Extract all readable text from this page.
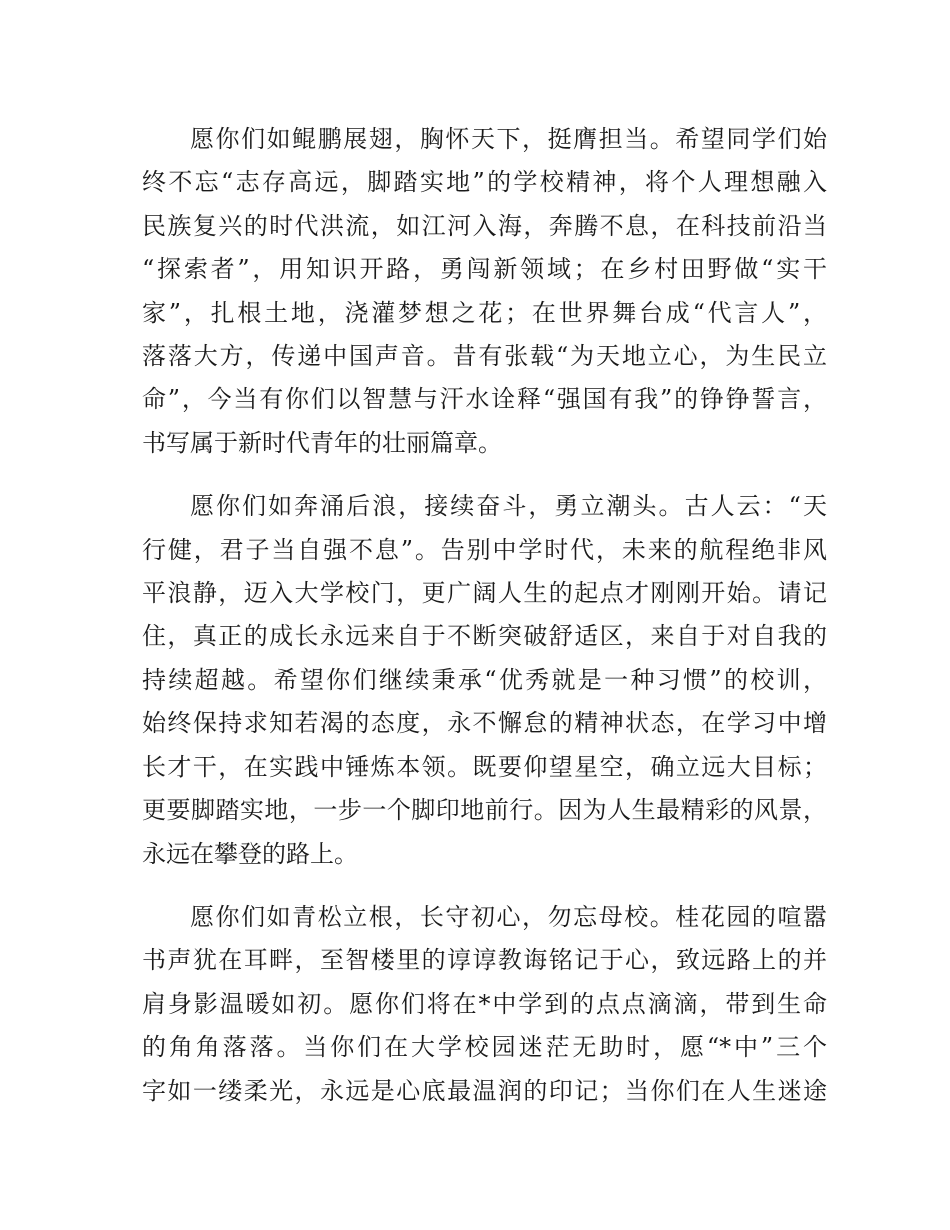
愿你们如鲲鹏展翅，胸怀天下，挺膺担当。希望同学们始
终不忘“志存高远，脚踏实地”的学校精神，将个人理想融入
民族复兴的时代洪流，如江河入海，奔腾不息，在科技前沿当
“探索者”，用知识开路，勇闯新领域；在乡村田野做“实干
家”，扎根土地，浇灌梦想之花；在世界舞台成“代言人”，
落落大方，传递中国声音。昔有张载“为天地立心，为生民立
命”，今当有你们以智慧与汗水诠释“强国有我”的铮铮誓言，
书写属于新时代青年的壮丽篇章。

愿你们如奔涌后浪，接续奋斗，勇立潮头。古人云：“天
行健，君子当自强不息”。告别中学时代，未来的航程绝非风
平浪静，迈入大学校门，更广阔人生的起点才刚刚开始。请记
住，真正的成长永远来自于不断突破舒适区，来自于对自我的
持续超越。希望你们继续秉承“优秀就是一种习惯”的校训，
始终保持求知若渴的态度，永不懈怠的精神状态，在学习中增
长才干，在实践中锤炼本领。既要仰望星空，确立远大目标；
更要脚踏实地，一步一个脚印地前行。因为人生最精彩的风景，
永远在攀登的路上。

愿你们如青松立根，长守初心，勿忘母校。桂花园的喧嚣
书声犹在耳畔，至智楼里的谆谆教诲铭记于心，致远路上的并
肩身影温暖如初。愿你们将在*中学到的点点滴滴，带到生命
的角角落落。当你们在大学校园迷茫无助时，愿“*中”三个
字如一缕柔光，永远是心底最温润的印记；当你们在人生迷途
